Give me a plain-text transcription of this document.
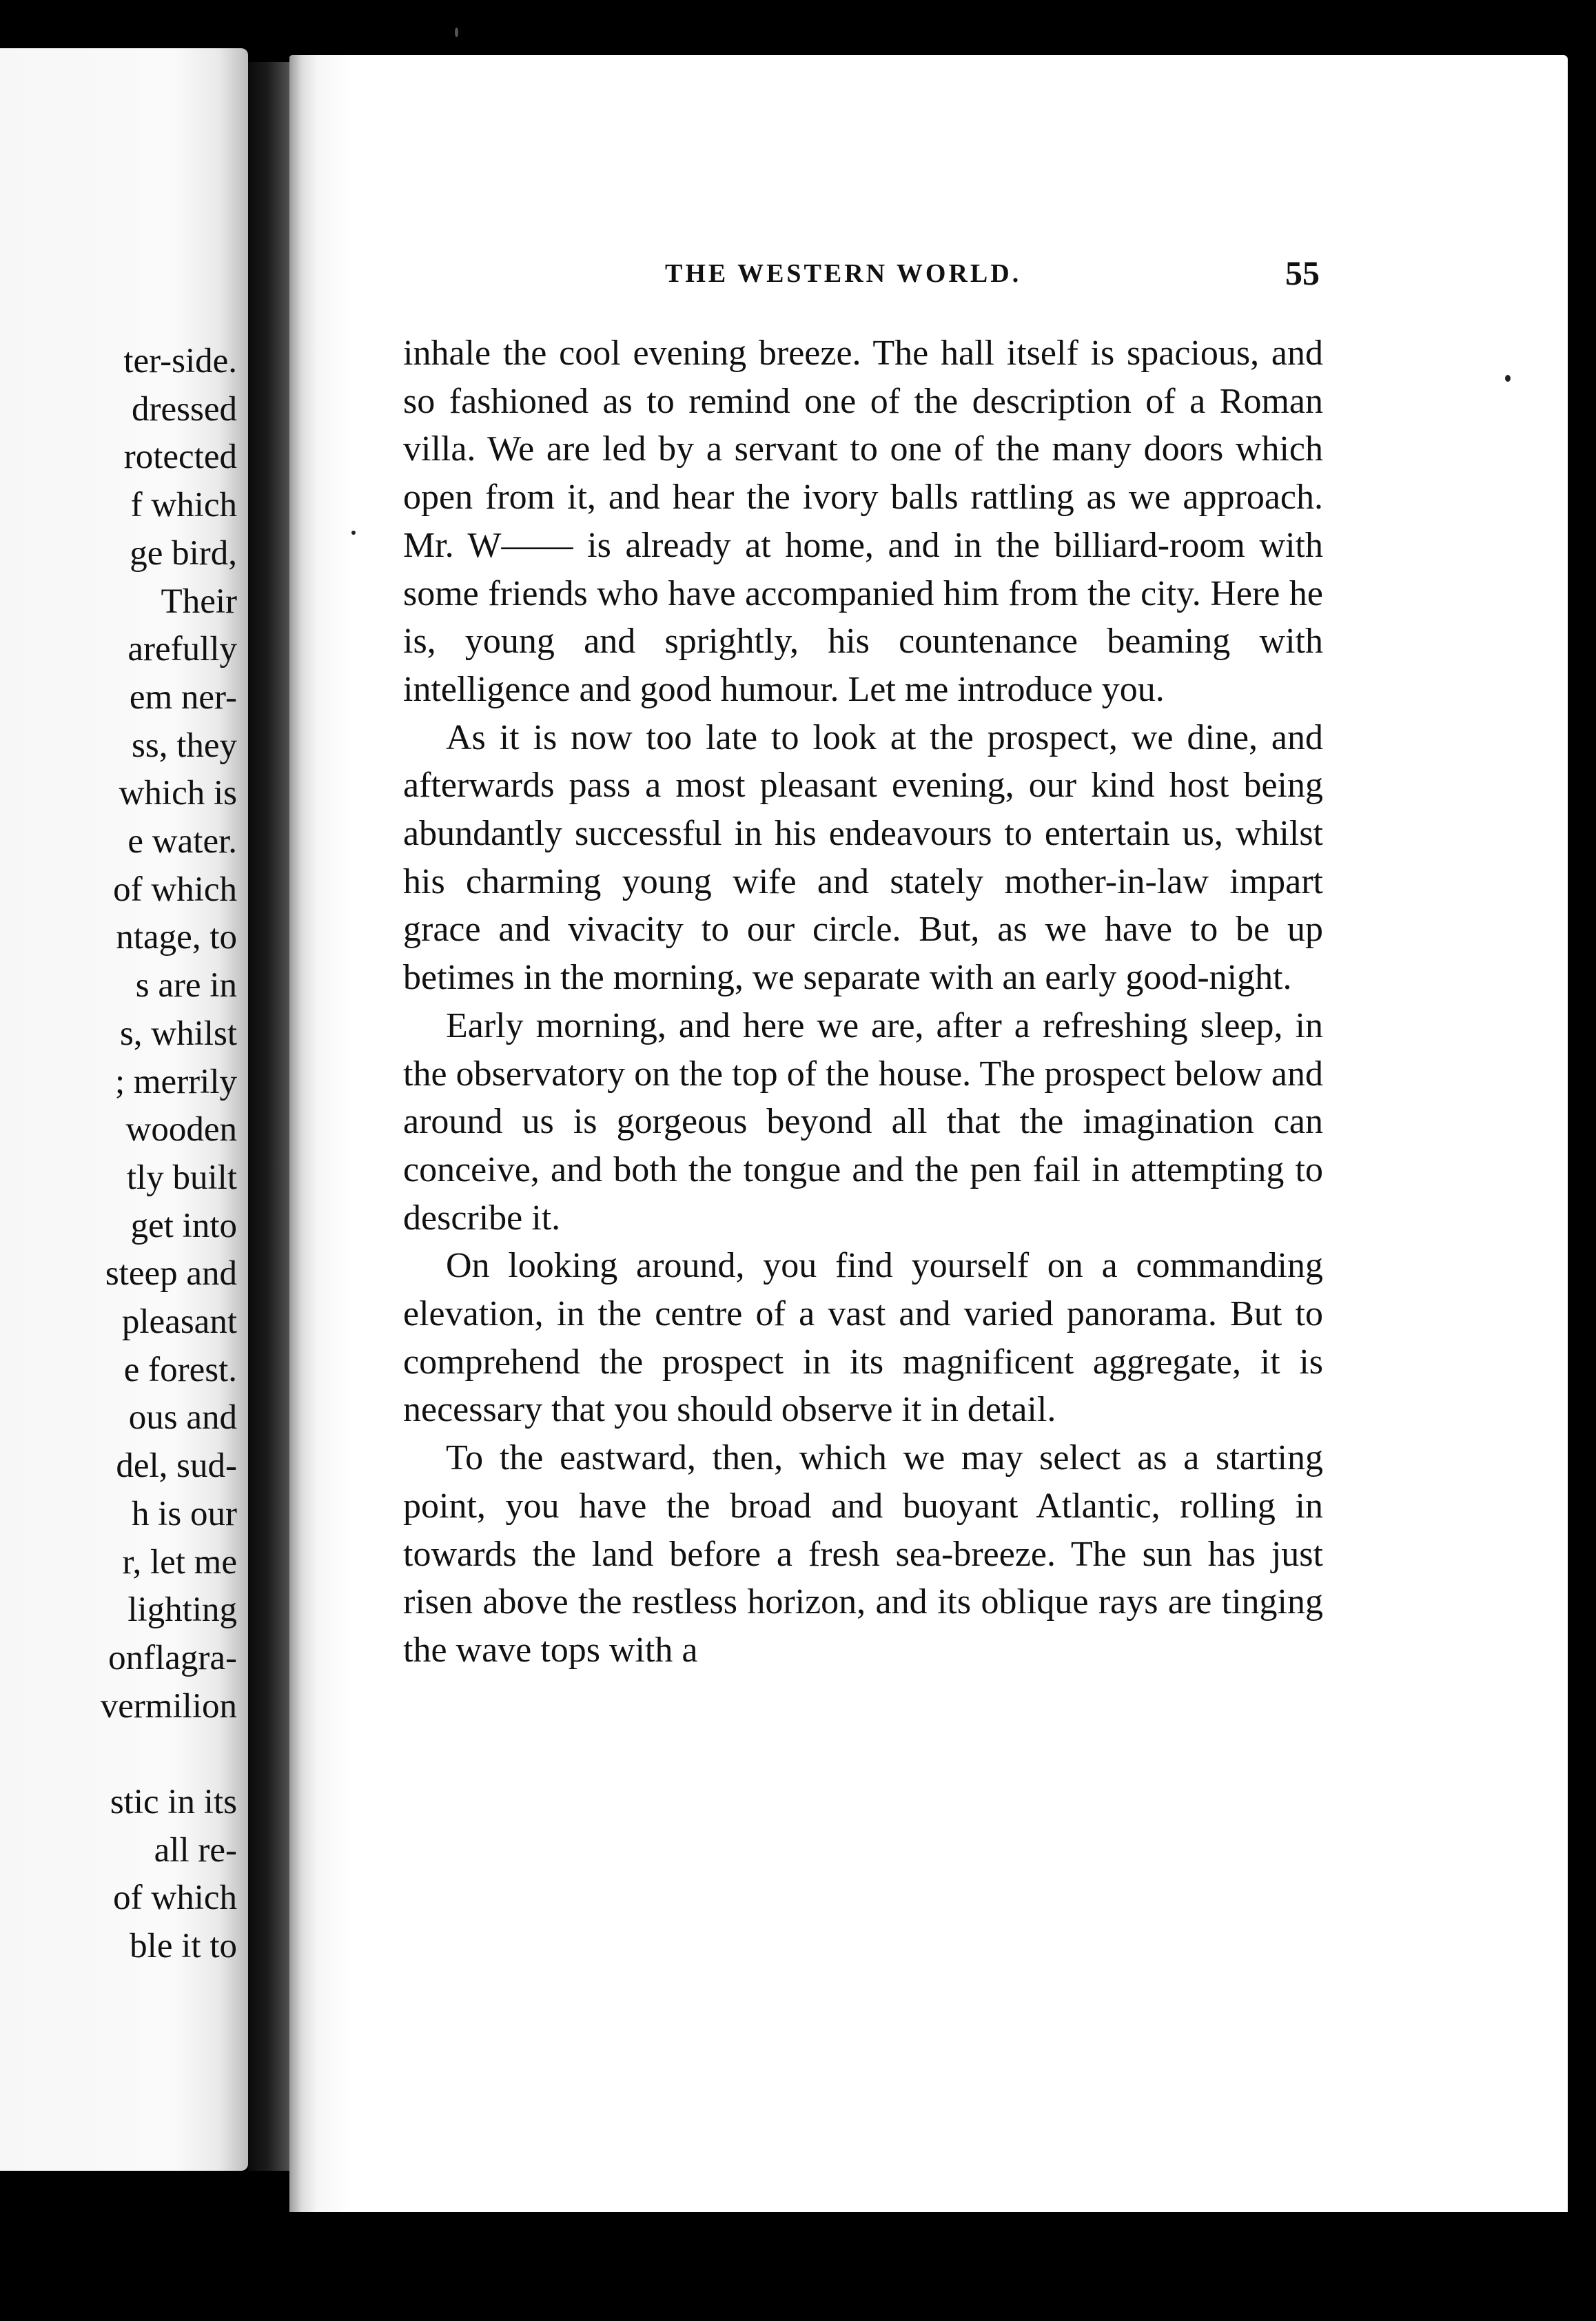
ter-side.
dressed
rotected
f which
ge bird,
Their
arefully
em ner-
ss, they
which is
e water.
of which
ntage, to
s are in
s, whilst
; merrily
wooden
tly built
get into
steep and
pleasant
e forest.
ous and
del, sud-
h is our
r, let me
lighting
onflagra-
vermilion
stic in its
all re-
of which
ble it to
THE WESTERN WORLD.	55

inhale the cool evening breeze. The hall itself is spacious, and so fashioned as to remind one of the description of a Roman villa. We are led by a servant to one of the many doors which open from it, and hear the ivory balls rattling as we approach. Mr. W—— is already at home, and in the billiard-room with some friends who have accompanied him from the city. Here he is, young and sprightly, his countenance beaming with intelligence and good humour. Let me introduce you.

As it is now too late to look at the prospect, we dine, and afterwards pass a most pleasant evening, our kind host being abundantly successful in his endeavours to entertain us, whilst his charming young wife and stately mother-in-law impart grace and vivacity to our circle. But, as we have to be up betimes in the morning, we separate with an early good-night.

Early morning, and here we are, after a refreshing sleep, in the observatory on the top of the house. The prospect below and around us is gorgeous beyond all that the imagination can conceive, and both the tongue and the pen fail in attempting to describe it.

On looking around, you find yourself on a commanding elevation, in the centre of a vast and varied panorama. But to comprehend the prospect in its magnificent aggregate, it is necessary that you should observe it in detail.

To the eastward, then, which we may select as a starting point, you have the broad and buoyant Atlantic, rolling in towards the land before a fresh sea-breeze. The sun has just risen above the restless horizon, and its oblique rays are tinging the wave tops with a
